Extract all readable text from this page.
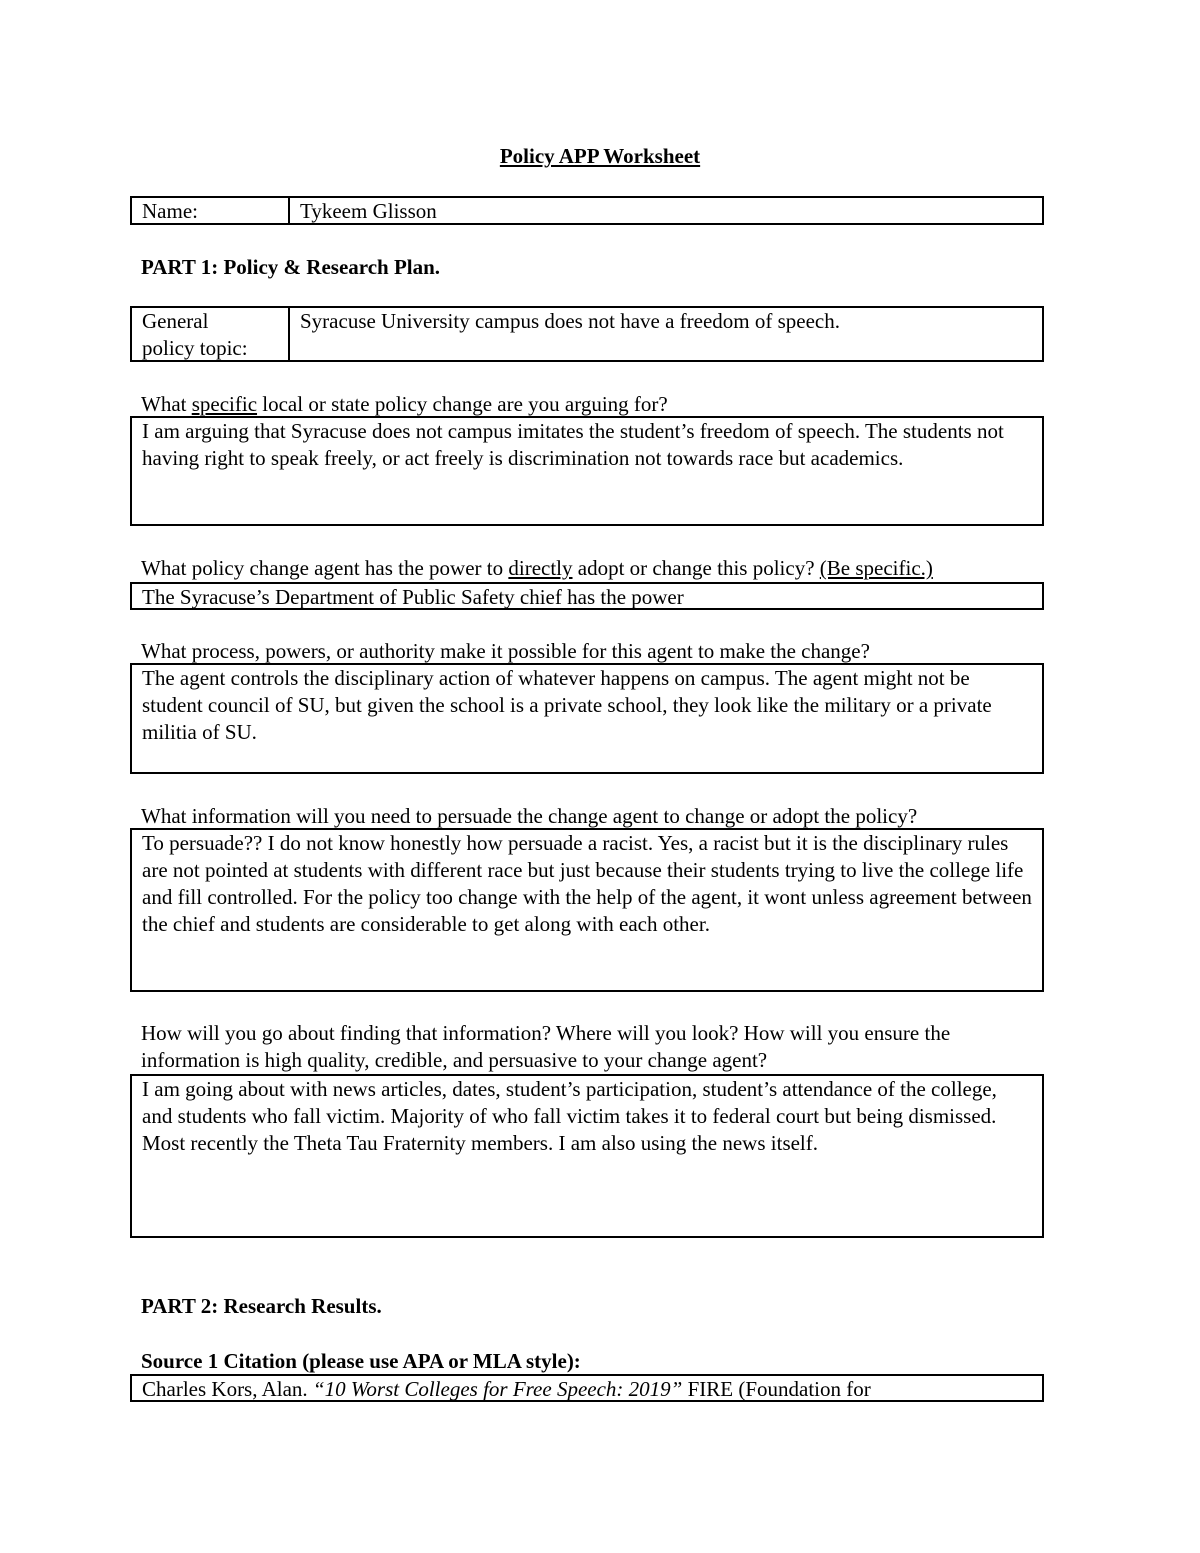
Policy APP Worksheet
Name:	Tykeem Glisson
PART 1: Policy & Research Plan.
General
policy topic:
Syracuse University campus does not have a freedom of speech.
What specific local or state policy change are you arguing for?
I am arguing that Syracuse does not campus imitates the student’s freedom of speech. The students not having right to speak freely, or act freely is discrimination not towards race but academics.
What policy change agent has the power to directly adopt or change this policy? (Be specific.)
The Syracuse’s Department of Public Safety chief has the power
What process, powers, or authority make it possible for this agent to make the change?
The agent controls the disciplinary action of whatever happens on campus. The agent might not be student council of SU, but given the school is a private school, they look like the military or a private militia of SU.
What information will you need to persuade the change agent to change or adopt the policy?
To persuade?? I do not know honestly how persuade a racist. Yes, a racist but it is the disciplinary rules are not pointed at students with different race but just because their students trying to live the college life and fill controlled. For the policy too change with the help of the agent, it wont unless agreement between the chief and students are considerable to get along with each other.
How will you go about finding that information? Where will you look? How will you ensure the information is high quality, credible, and persuasive to your change agent?
I am going about with news articles, dates, student’s participation, student’s attendance of the college, and students who fall victim. Majority of who fall victim takes it to federal court but being dismissed. Most recently the Theta Tau Fraternity members. I am also using the news itself.
PART 2: Research Results.
Source 1 Citation (please use APA or MLA style):
Charles Kors, Alan. “10 Worst Colleges for Free Speech: 2019” FIRE (Foundation for
